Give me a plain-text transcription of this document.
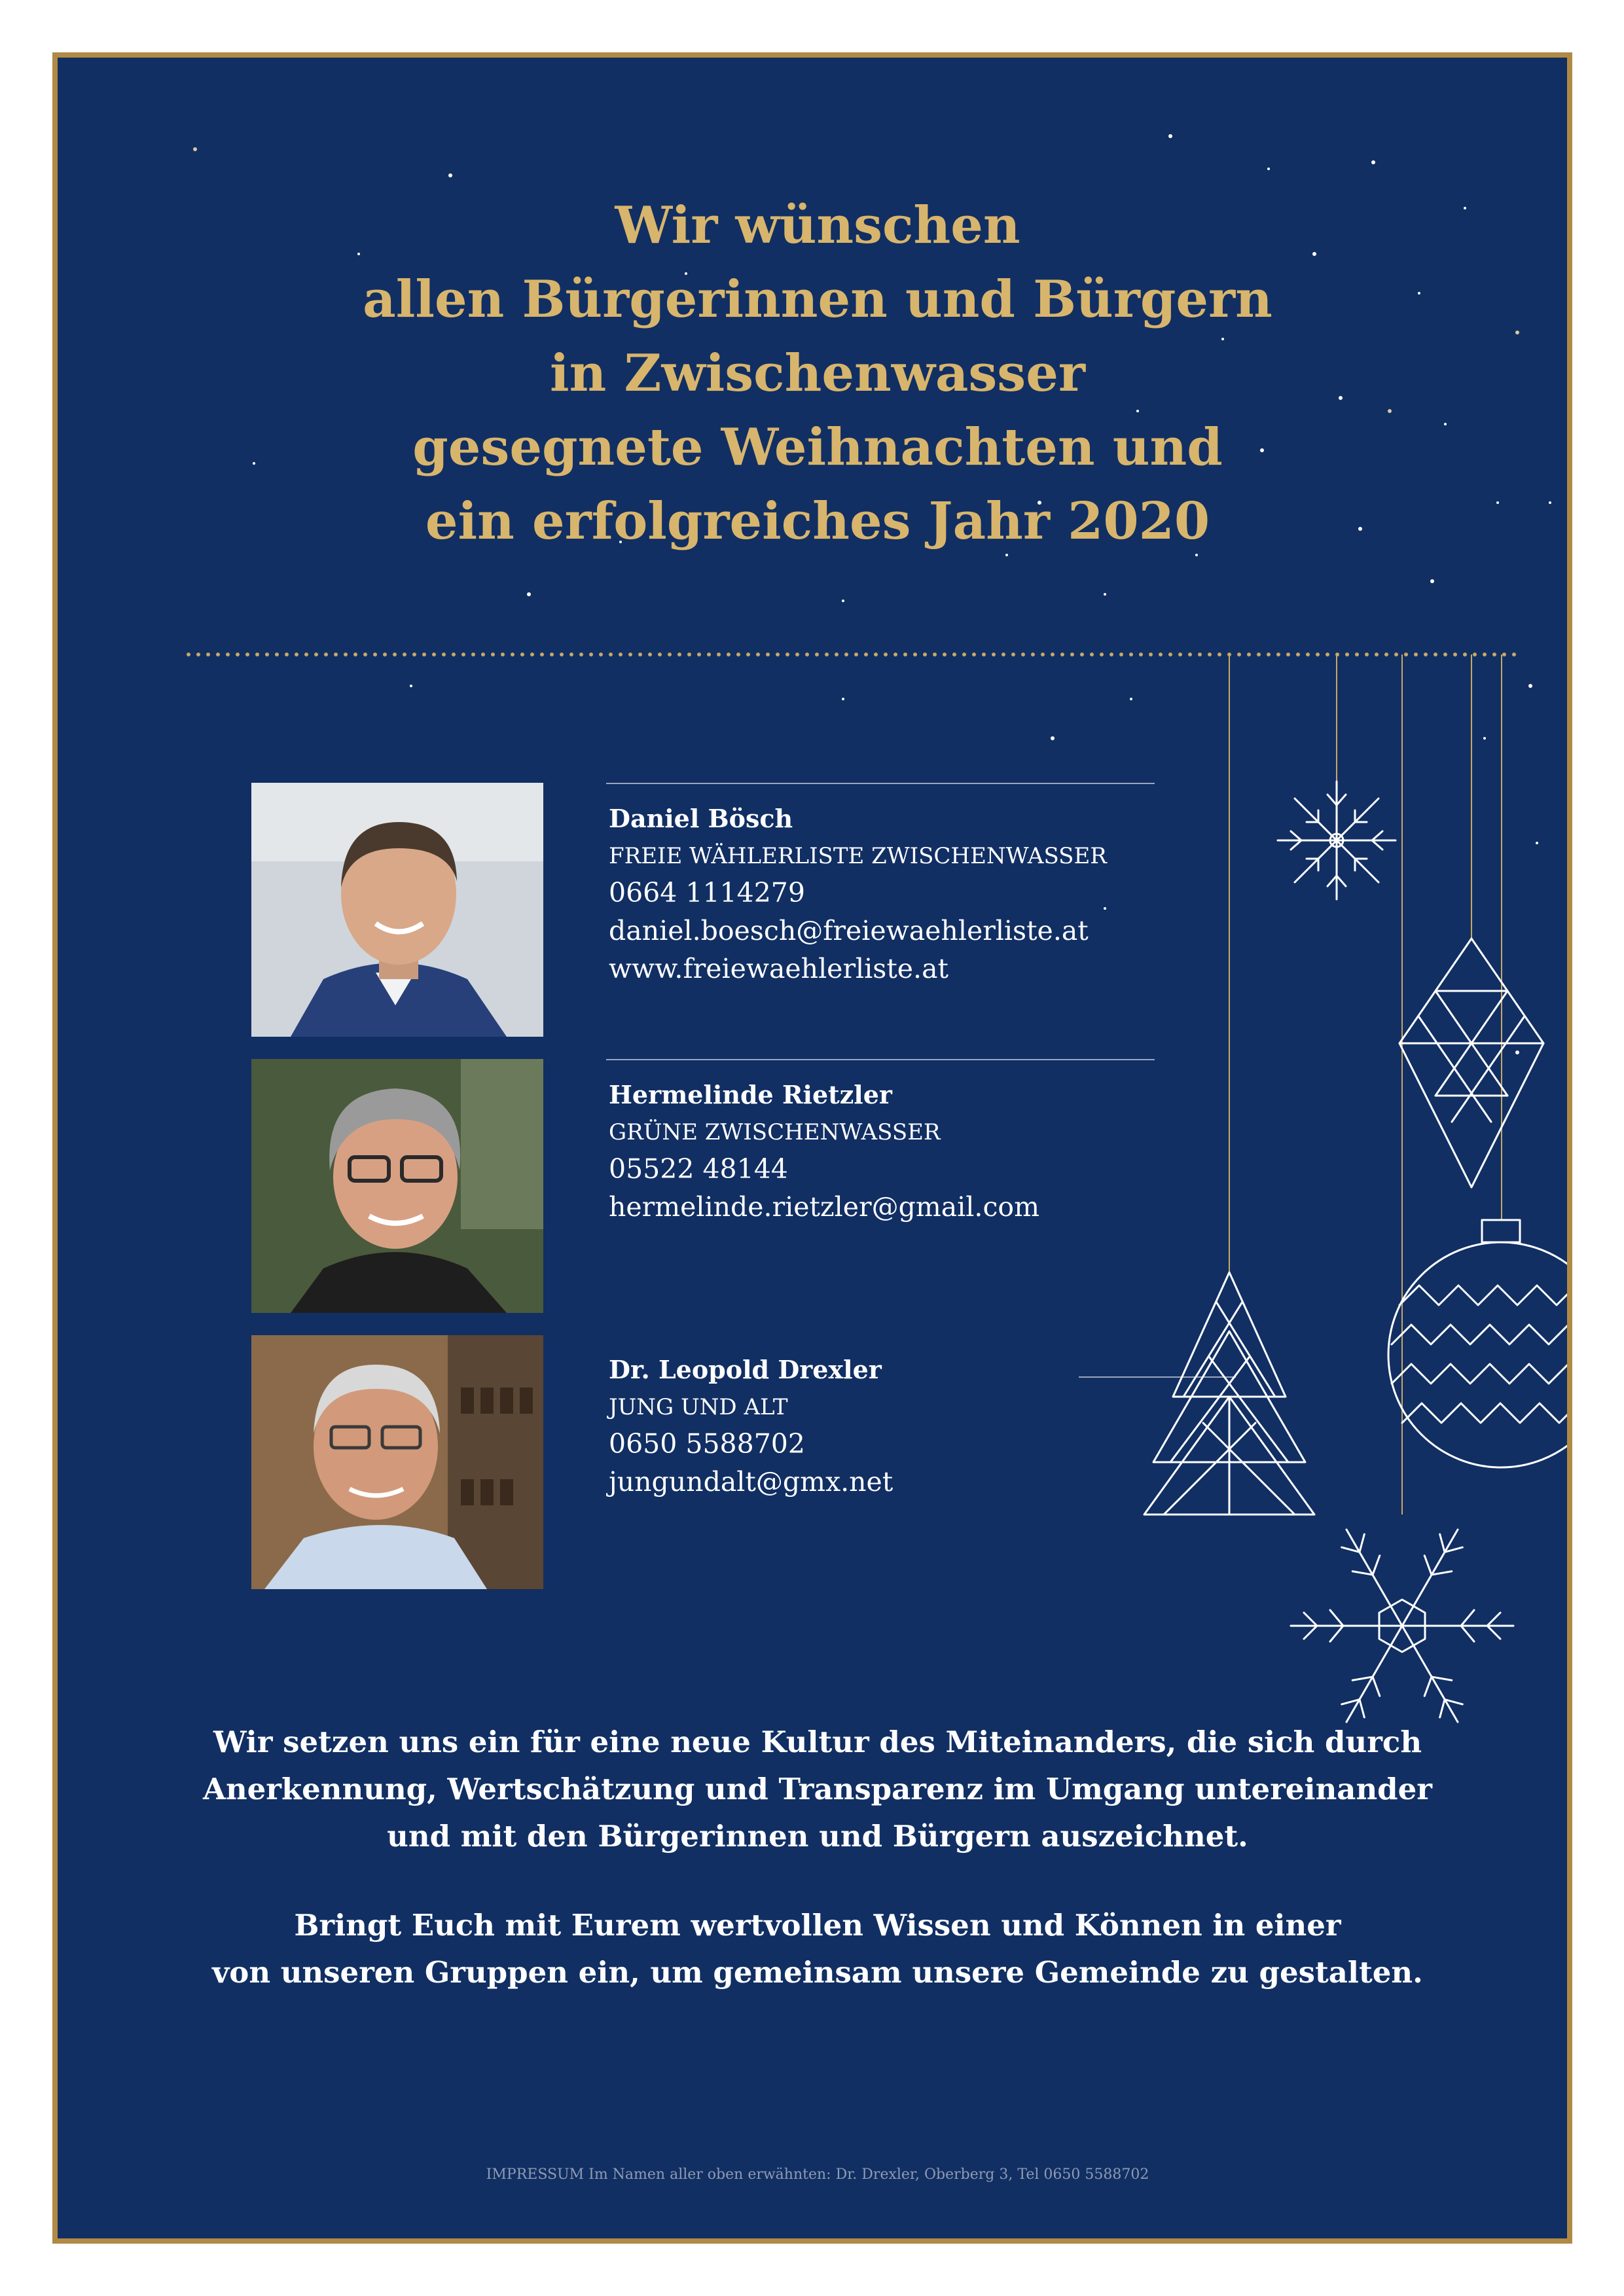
Wir wünschen
allen Bürgerinnen und Bürgern
in Zwischenwasser
gesegnete Weihnachten und
ein erfolgreiches Jahr 2020
Daniel Bösch
FREIE WÄHLERLISTE ZWISCHENWASSER
0664 1114279
daniel.boesch@freiewaehlerliste.at
www.freiewaehlerliste.at
Hermelinde Rietzler
GRÜNE ZWISCHENWASSER
05522 48144
hermelinde.rietzler@gmail.com
Dr. Leopold Drexler
JUNG UND ALT
0650 5588702
jungundalt@gmx.net
Wir setzen uns ein für eine neue Kultur des Miteinanders, die sich durch
Anerkennung, Wertschätzung und Transparenz im Umgang untereinander
und mit den Bürgerinnen und Bürgern auszeichnet.
Bringt Euch mit Eurem wertvollen Wissen und Können in einer
von unseren Gruppen ein, um gemeinsam unsere Gemeinde zu gestalten.
IMPRESSUM Im Namen aller oben erwähnten: Dr. Drexler, Oberberg 3, Tel 0650 5588702
